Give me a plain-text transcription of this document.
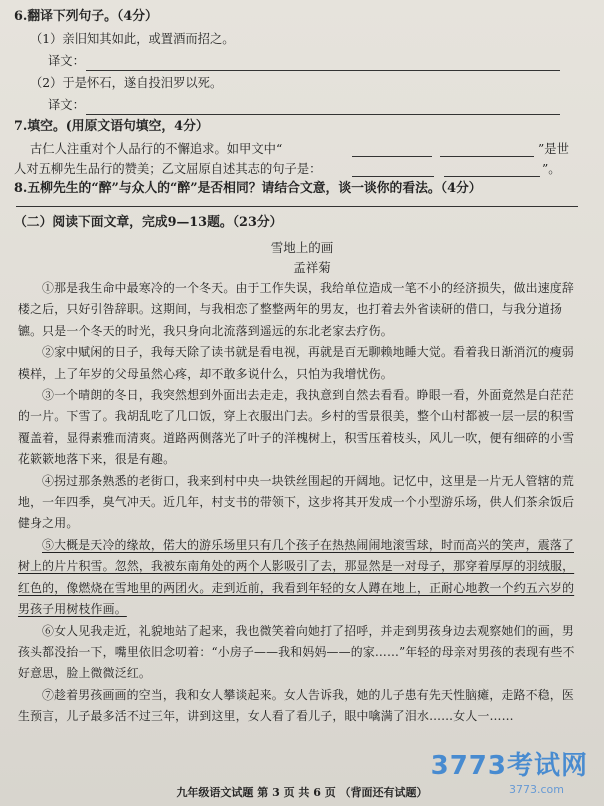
6.翻译下列句子。（4分）
（1）亲旧知其如此，或置酒而招之。
译文：
（2）于是怀石，遂自投汨罗以死。
译文：
7.填空。(用原文语句填空，4分）
古仁人注重对个人品行的不懈追求。如甲文中“	”是世
人对五柳先生品行的赞美；乙文屈原自述其志的句子是：	”。
8.五柳先生的“醉”与众人的“醉”是否相同？请结合文意，谈一谈你的看法。（4分）
（二）阅读下面文章，完成9—13题。（23分）
雪地上的画
孟祥菊

①那是我生命中最寒冷的一个冬天。由于工作失误，我给单位造成一笔不小的经济损失，做出速度辞楼之后，只好引咎辞职。这期间，与我相恋了整整两年的男友，也打着去外省读研的借口，与我分道扬镳。只是一个冬天的时光，我只身向北流落到遥远的东北老家去疗伤。

②家中赋闲的日子，我每天除了读书就是看电视，再就是百无聊赖地睡大觉。看着我日渐消沉的瘦弱模样，上了年岁的父母虽然心疼，却不敢多说什么，只怕为我增忧伤。

③一个晴朗的冬日，我突然想到外面出去走走，我执意到自然去看看。睁眼一看，外面竟然是白茫茫的一片。下雪了。我胡乱吃了几口饭，穿上衣服出门去。乡村的雪景很美，整个山村都被一层一层的积雪覆盖着，显得素雅而清爽。道路两侧落光了叶子的洋槐树上，积雪压着枝头，风儿一吹，便有细碎的小雪花簌簌地落下来，很是有趣。

④拐过那条熟悉的老街口，我来到村中央一块铁丝围起的开阔地。记忆中，这里是一片无人管辖的荒地，一年四季，臭气冲天。近几年，村支书的带领下，这步将其开发成一个小型游乐场，供人们茶余饭后健身之用。

⑤大概是天冷的缘故，偌大的游乐场里只有几个孩子在热热闹闹地滚雪球，时而高兴的笑声，震落了树上的片片积雪。忽然，我被东南角处的两个人影吸引了去，那显然是一对母子，那穿着厚厚的羽绒服，红色的，像燃烧在雪地里的两团火。走到近前，我看到年轻的女人蹲在地上，正耐心地教一个约五六岁的男孩子用树枝作画。

⑥女人见我走近，礼貌地站了起来，我也微笑着向她打了招呼，并走到男孩身边去观察她们的画，男孩头都没抬一下，嘴里依旧念叨着：“小房子——我和妈妈——的家……”年轻的母亲对男孩的表现有些不好意思，脸上微微泛红。

⑦趁着男孩画画的空当，我和女人攀谈起来。女人告诉我，她的儿子患有先天性脑瘫，走路不稳，医生预言，儿子最多活不过三年，讲到这里，女人看了看儿子，眼中噙满了泪水……女人一……

3773考试网
3773.com
九年级语文试题 第 3 页 共 6 页 （背面还有试题）
